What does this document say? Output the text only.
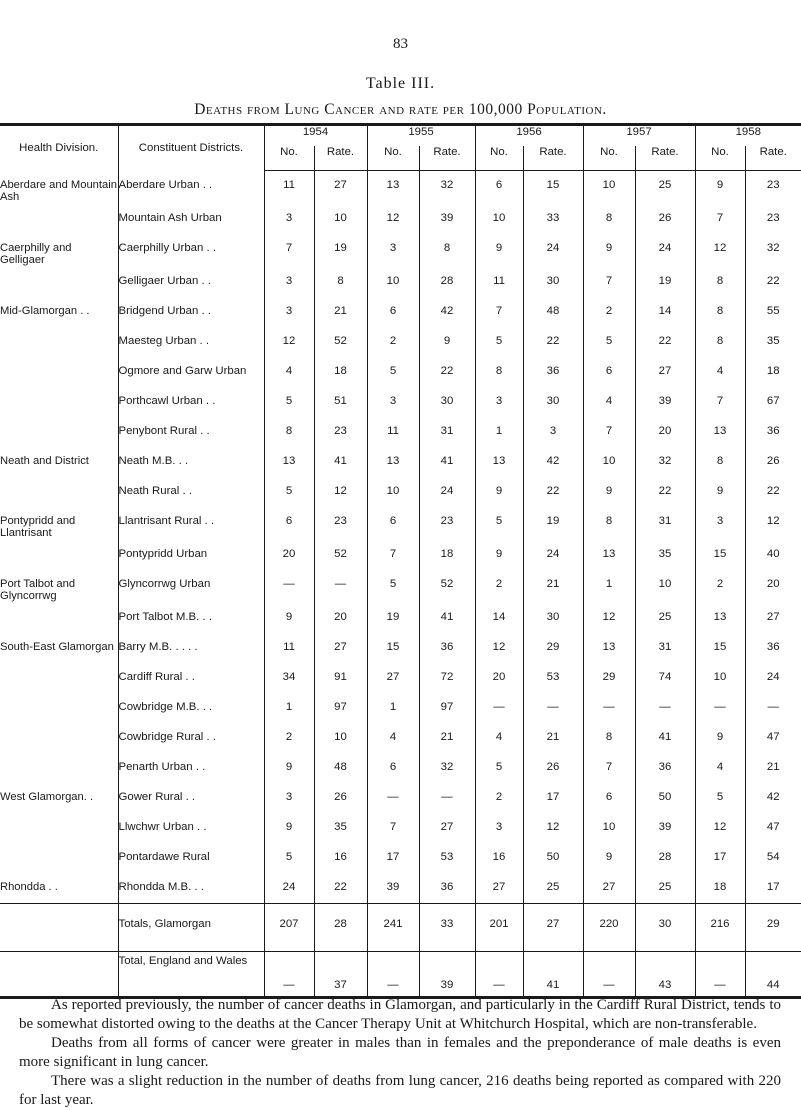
83
Table III.
Deaths from Lung Cancer and rate per 100,000 Population.
Health Division.	Constituent Districts.	1954		1955		1956		1957		1958	
		No.	Rate.	No.	Rate.	No.	Rate.	No.	Rate.	No.	Rate.
Aberdare and Mountain Ash	Aberdare Urban . .	11	27	13	32	6	15	10	25	9	23
	Mountain Ash Urban	3	10	12	39	10	33	8	26	7	23
Caerphilly and Gelligaer	Caerphilly Urban . .	7	19	3	8	9	24	9	24	12	32
	Gelligaer Urban . .	3	8	10	28	11	30	7	19	8	22
Mid-Glamorgan . .	Bridgend Urban . .	3	21	6	42	7	48	2	14	8	55
	Maesteg Urban . .	12	52	2	9	5	22	5	22	8	35
	Ogmore and Garw Urban	4	18	5	22	8	36	6	27	4	18
	Porthcawl Urban . .	5	51	3	30	3	30	4	39	7	67
	Penybont Rural . .	8	23	11	31	1	3	7	20	13	36
Neath and District	Neath M.B. . .	13	41	13	41	13	42	10	32	8	26
	Neath Rural . .	5	12	10	24	9	22	9	22	9	22
Pontypridd and Llantrisant	Llantrisant Rural . .	6	23	6	23	5	19	8	31	3	12
	Pontypridd Urban	20	52	7	18	9	24	13	35	15	40
Port Talbot and Glyncorrwg	Glyncorrwg Urban	—	—	5	52	2	21	1	10	2	20
	Port Talbot M.B. . .	9	20	19	41	14	30	12	25	13	27
South-East Glamorgan	Barry M.B. . . . .	11	27	15	36	12	29	13	31	15	36
	Cardiff Rural . .	34	91	27	72	20	53	29	74	10	24
	Cowbridge M.B. . .	1	97	1	97	—	—	—	—	—	—
	Cowbridge Rural . .	2	10	4	21	4	21	8	41	9	47
	Penarth Urban . .	9	48	6	32	5	26	7	36	4	21
West Glamorgan. .	Gower Rural . .	3	26	—	—	2	17	6	50	5	42
	Llwchwr Urban . .	9	35	7	27	3	12	10	39	12	47
	Pontardawe Rural	5	16	17	53	16	50	9	28	17	54
Rhondda . .	Rhondda M.B. . .	24	22	39	36	27	25	27	25	18	17
	Totals, Glamorgan	207	28	241	33	201	27	220	30	216	29
	Total, England and Wales	—	37	—	39	—	41	—	43	—	44

As reported previously, the number of cancer deaths in Glamorgan, and particularly in the Cardiff Rural District, tends to be somewhat distorted owing to the deaths at the Cancer Therapy Unit at Whitchurch Hospital, which are non-transferable.

Deaths from all forms of cancer were greater in males than in females and the preponderance of male deaths is even more significant in lung cancer.

There was a slight reduction in the number of deaths from lung cancer, 216 deaths being reported as compared with 220 for last year.
